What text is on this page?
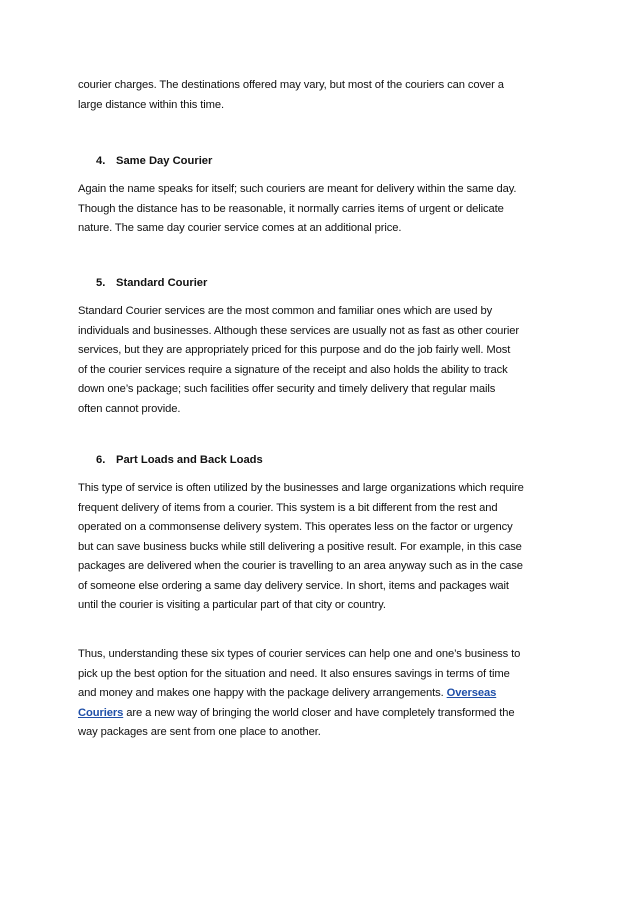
courier charges. The destinations offered may vary, but most of the couriers can cover a
large distance within this time.

4. Same Day Courier

Again the name speaks for itself; such couriers are meant for delivery within the same day.
Though the distance has to be reasonable, it normally carries items of urgent or delicate
nature. The same day courier service comes at an additional price.

5. Standard Courier

Standard Courier services are the most common and familiar ones which are used by
individuals and businesses. Although these services are usually not as fast as other courier
services, but they are appropriately priced for this purpose and do the job fairly well. Most
of the courier services require a signature of the receipt and also holds the ability to track
down one’s package; such facilities offer security and timely delivery that regular mails
often cannot provide.

6. Part Loads and Back Loads

This type of service is often utilized by the businesses and large organizations which require
frequent delivery of items from a courier. This system is a bit different from the rest and
operated on a commonsense delivery system. This operates less on the factor or urgency
but can save business bucks while still delivering a positive result. For example, in this case
packages are delivered when the courier is travelling to an area anyway such as in the case
of someone else ordering a same day delivery service. In short, items and packages wait
until the courier is visiting a particular part of that city or country.

Thus, understanding these six types of courier services can help one and one’s business to
pick up the best option for the situation and need. It also ensures savings in terms of time
and money and makes one happy with the package delivery arrangements. Overseas
Couriers are a new way of bringing the world closer and have completely transformed the
way packages are sent from one place to another.
